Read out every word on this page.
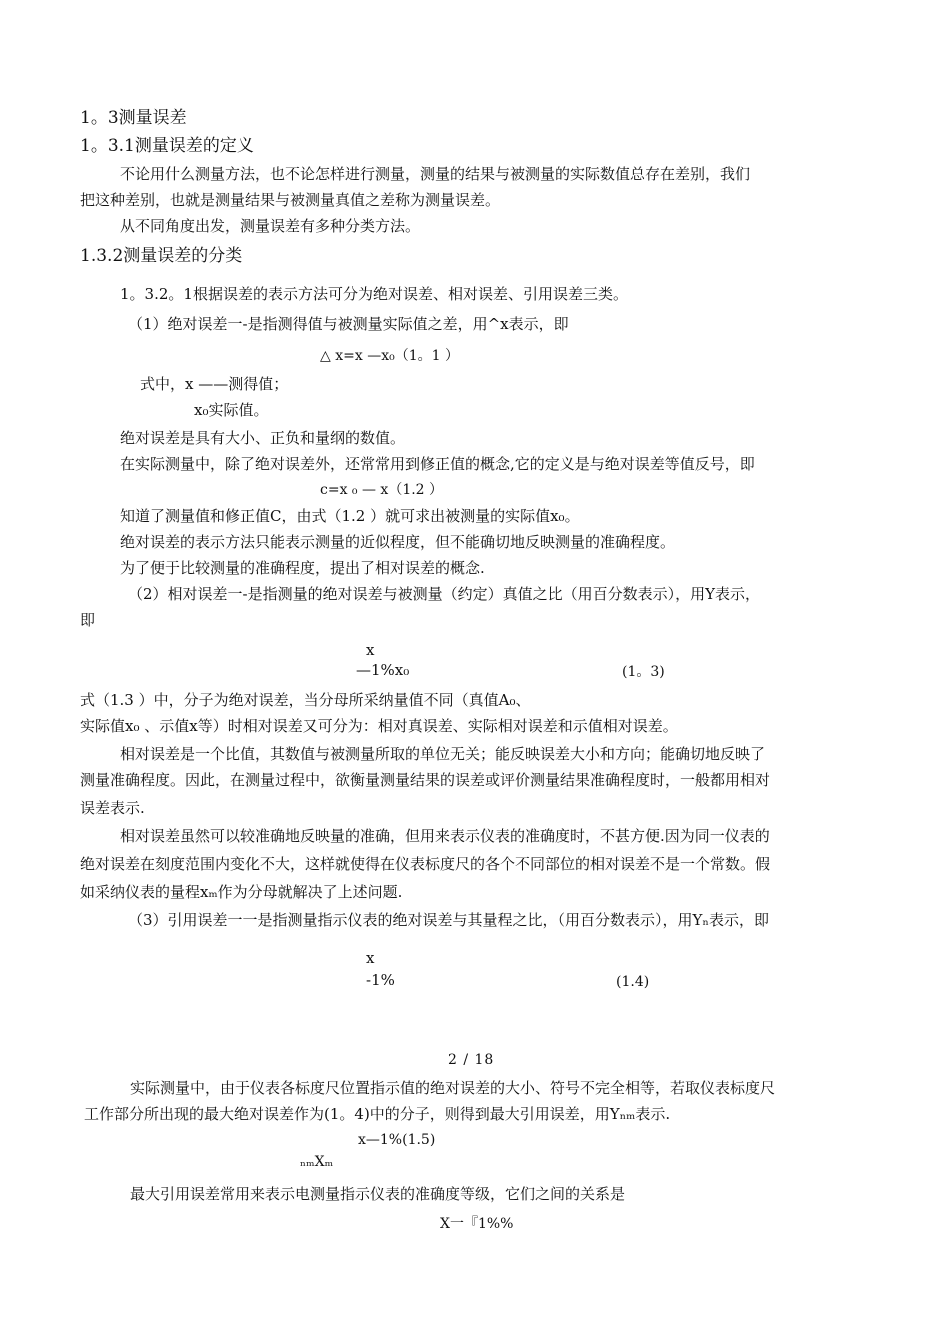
1。3测量误差
1。3.1测量误差的定义
不论用什么测量方法，也不论怎样进行测量，测量的结果与被测量的实际数值总存在差别，我们
把这种差别，也就是测量结果与被测量真值之差称为测量误差。
从不同角度出发，测量误差有多种分类方法。
1.3.2测量误差的分类
1。3.2。1根据误差的表示方法可分为绝对误差、相对误差、引用误差三类。
（1）绝对误差一-是指测得值与被测量实际值之差，用^x表示，即
△ x=x —x₀（1。1 ）
式中，x ——测得值；
x₀实际值。
绝对误差是具有大小、正负和量纲的数值。
在实际测量中，除了绝对误差外，还常常用到修正值的概念,它的定义是与绝对误差等值反号，即
c=x ₀ — x（1.2 ）
知道了测量值和修正值C，由式（1.2 ）就可求出被测量的实际值x₀。
绝对误差的表示方法只能表示测量的近似程度，但不能确切地反映测量的准确程度。
为了便于比较测量的准确程度，提出了相对误差的概念.
（2）相对误差一-是指测量的绝对误差与被测量（约定）真值之比（用百分数表示），用Y表示，
即
x
—1%x₀	(1。3)
式（1.3 ）中，分子为绝对误差，当分母所采纳量值不同（真值A₀、
实际值x₀ 、示值x等）时相对误差又可分为：相对真误差、实际相对误差和示值相对误差。
相对误差是一个比值，其数值与被测量所取的单位无关；能反映误差大小和方向；能确切地反映了
测量准确程度。因此，在测量过程中，欲衡量测量结果的误差或评价测量结果准确程度时，一般都用相对
误差表示.
相对误差虽然可以较准确地反映量的准确，但用来表示仪表的准确度时，不甚方便.因为同一仪表的
绝对误差在刻度范围内变化不大，这样就使得在仪表标度尺的各个不同部位的相对误差不是一个常数。假
如采纳仪表的量程xₘ作为分母就解决了上述问题.
（3）引用误差一一是指测量指示仪表的绝对误差与其量程之比，（用百分数表示），用Yₙ表示，即
x
-1%	(1.4)
2 / 18
实际测量中，由于仪表各标度尺位置指示值的绝对误差的大小、符号不完全相等，若取仪表标度尺
工作部分所出现的最大绝对误差作为(1。4)中的分子，则得到最大引用误差，用Yₙₘ表示.
x—1%(1.5)
ₙₘXₘ
最大引用误差常用来表示电测量指示仪表的准确度等级，它们之间的关系是
X一『1%%
